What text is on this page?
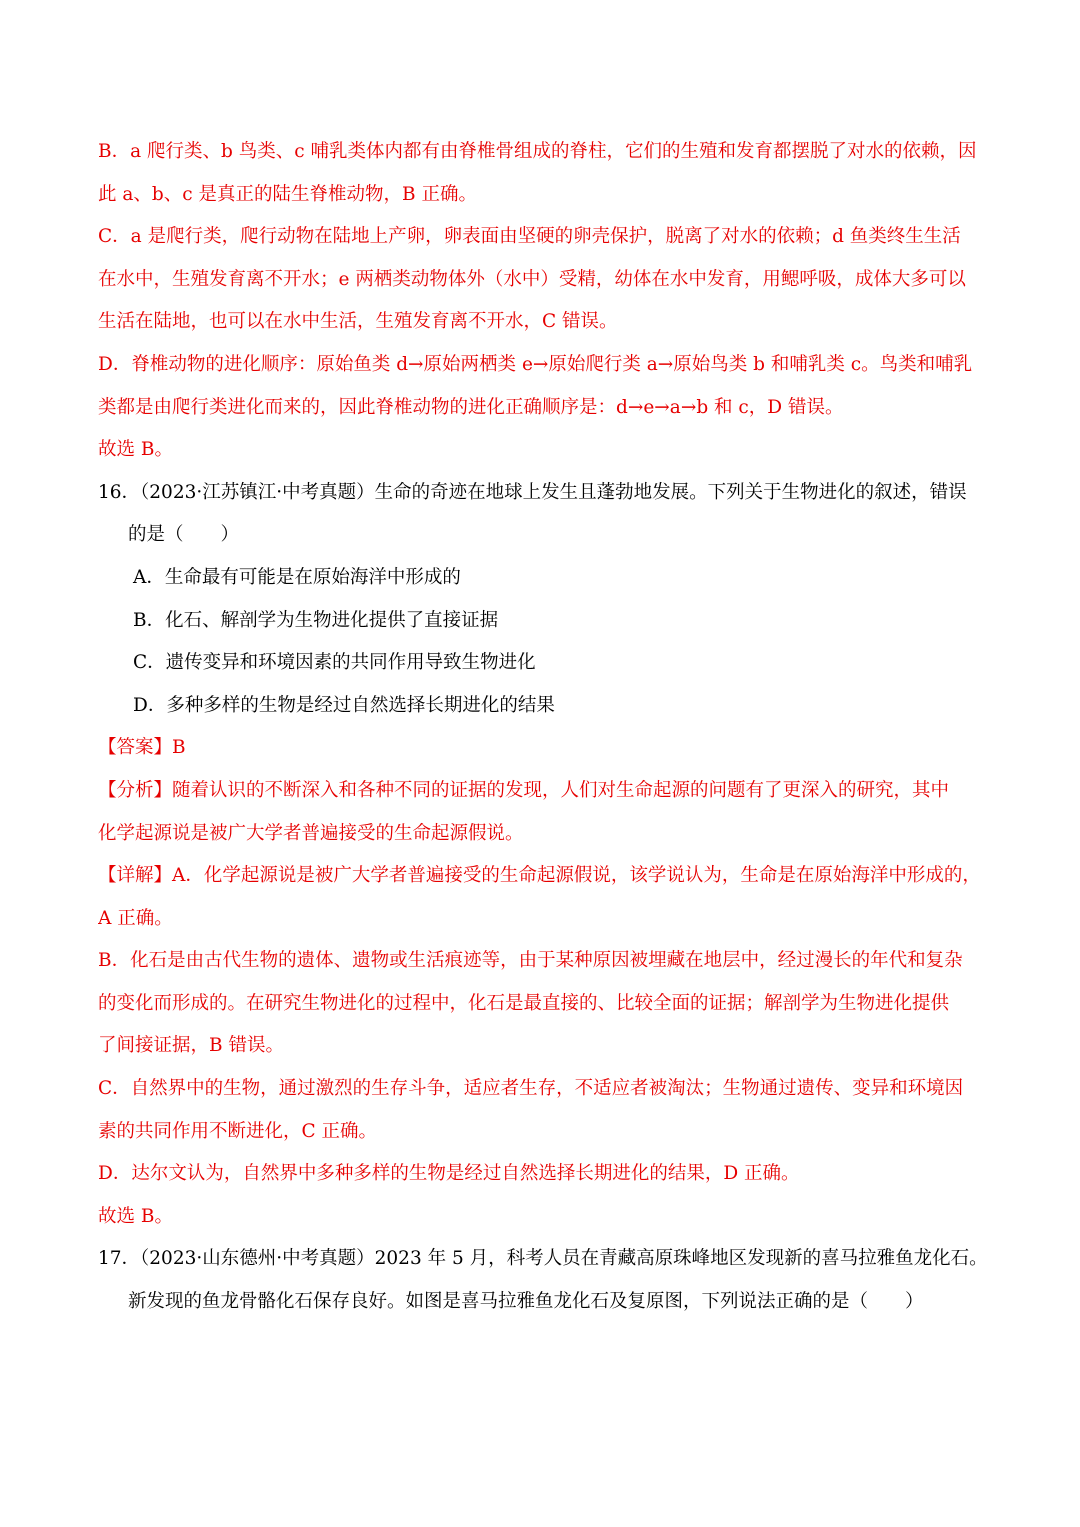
B．a 爬行类、b 鸟类、c 哺乳类体内都有由脊椎骨组成的脊柱，它们的生殖和发育都摆脱了对水的依赖，因
此 a、b、c 是真正的陆生脊椎动物，B 正确。
C．a 是爬行类，爬行动物在陆地上产卵，卵表面由坚硬的卵壳保护，脱离了对水的依赖；d 鱼类终生生活
在水中，生殖发育离不开水；e 两栖类动物体外（水中）受精，幼体在水中发育，用鳃呼吸，成体大多可以
生活在陆地，也可以在水中生活，生殖发育离不开水，C 错误。
D．脊椎动物的进化顺序：原始鱼类 d→原始两栖类 e→原始爬行类 a→原始鸟类 b 和哺乳类 c。鸟类和哺乳
类都是由爬行类进化而来的，因此脊椎动物的进化正确顺序是：d→e→a→b 和 c，D 错误。
故选 B。
16．（2023·江苏镇江·中考真题）生命的奇迹在地球上发生且蓬勃地发展。下列关于生物进化的叙述，错误
的是（　　）
A．生命最有可能是在原始海洋中形成的
B．化石、解剖学为生物进化提供了直接证据
C．遗传变异和环境因素的共同作用导致生物进化
D．多种多样的生物是经过自然选择长期进化的结果
【答案】B
【分析】随着认识的不断深入和各种不同的证据的发现，人们对生命起源的问题有了更深入的研究，其中
化学起源说是被广大学者普遍接受的生命起源假说。
【详解】A．化学起源说是被广大学者普遍接受的生命起源假说，该学说认为，生命是在原始海洋中形成的，
A 正确。
B．化石是由古代生物的遗体、遗物或生活痕迹等，由于某种原因被埋藏在地层中，经过漫长的年代和复杂
的变化而形成的。在研究生物进化的过程中，化石是最直接的、比较全面的证据；解剖学为生物进化提供
了间接证据，B 错误。
C．自然界中的生物，通过激烈的生存斗争，适应者生存，不适应者被淘汰；生物通过遗传、变异和环境因
素的共同作用不断进化，C 正确。
D．达尔文认为，自然界中多种多样的生物是经过自然选择长期进化的结果，D 正确。
故选 B。
17．（2023·山东德州·中考真题）2023 年 5 月，科考人员在青藏高原珠峰地区发现新的喜马拉雅鱼龙化石。
新发现的鱼龙骨骼化石保存良好。如图是喜马拉雅鱼龙化石及复原图，下列说法正确的是（　　）
